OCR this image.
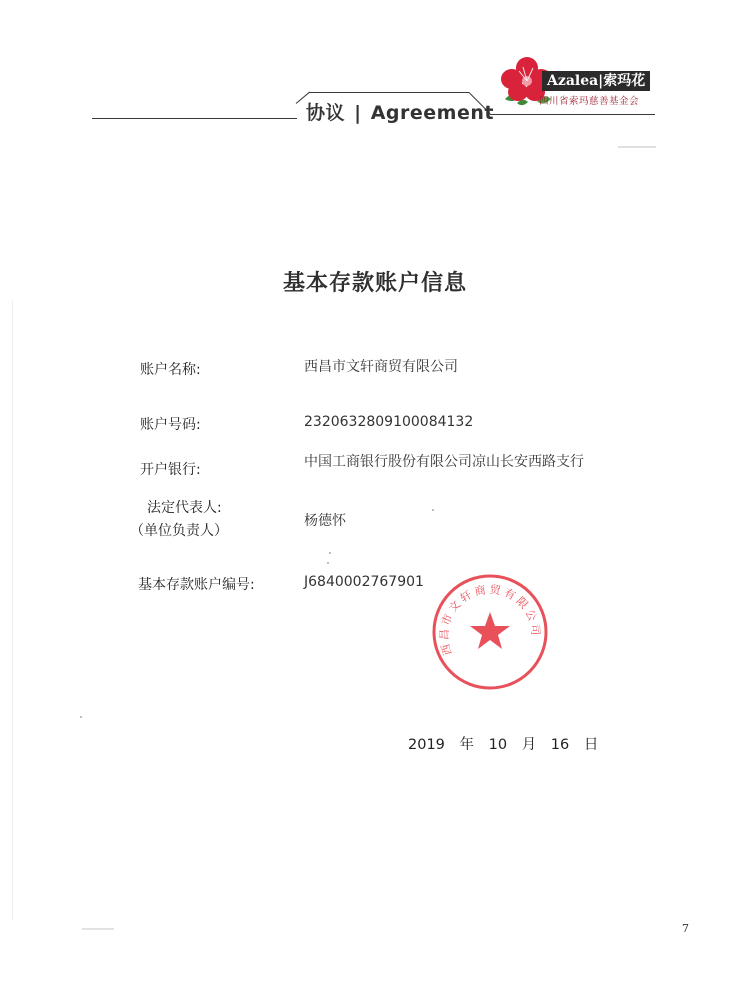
协议 | Agreement
Azalea|索玛花
四川省索玛慈善基金会
基本存款账户信息
账户名称:	西昌市文轩商贸有限公司
账户号码:	2320632809100084132
开户银行:	中国工商银行股份有限公司凉山长安西路支行
法定代表人:
（单位负责人）
杨德怀
基本存款账户编号:	J6840002767901
西昌市文轩商贸有限公司
2019 年 10 月 16 日
7
